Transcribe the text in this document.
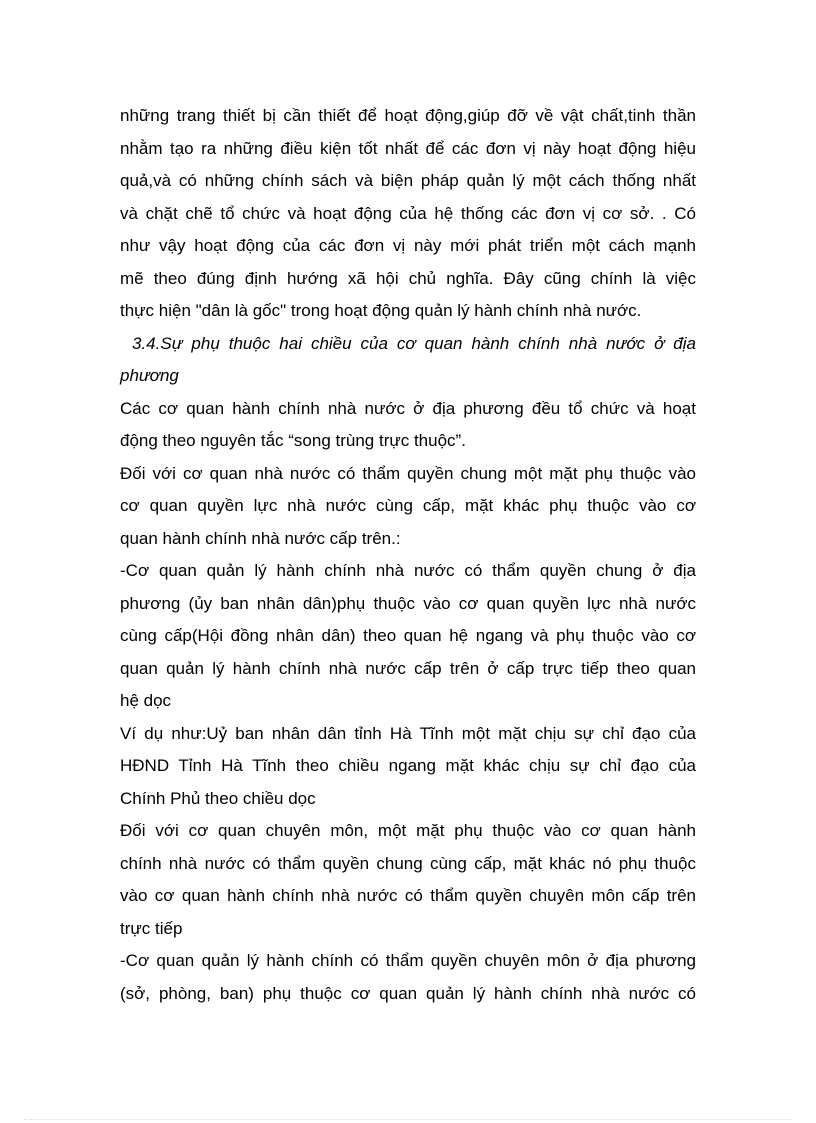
những trang thiết bị cần thiết để hoạt động,giúp đỡ về vật chất,tinh thần
nhằm tạo ra những điều kiện tốt nhất để các đơn vị này hoạt động hiệu
quả,và có những chính sách và biện pháp quản lý một cách thống nhất
và chặt chẽ tổ chức và hoạt động của hệ thống các đơn vị cơ sở. . Có
như vậy hoạt động của các đơn vị này mới phát triển một cách mạnh
mẽ theo đúng định hướng xã hội chủ nghĩa. Đây cũng chính là việc
thực hiện "dân là gốc" trong hoạt động quản lý hành chính nhà nước.
3.4.Sự phụ thuộc hai chiều của cơ quan hành chính nhà nước ở địa
phương
Các cơ quan hành chính nhà nước ở địa phương đều tổ chức và hoạt
động theo nguyên tắc “song trùng trực thuộc”.
Đối với cơ quan nhà nước có thẩm quyền chung một mặt phụ thuộc vào
cơ quan quyền lực nhà nước cùng cấp, mặt khác phụ thuộc vào cơ
quan hành chính nhà nước cấp trên.:
-Cơ quan quản lý hành chính nhà nước có thẩm quyền chung ở địa
phương (ủy ban nhân dân)phụ thuộc vào cơ quan quyền lực nhà nước
cùng cấp(Hội đồng nhân dân) theo quan hệ ngang và phụ thuộc vào cơ
quan quản lý hành chính nhà nước cấp trên ở cấp trực tiếp theo quan
hệ dọc
Ví dụ như:Uỷ ban nhân dân tỉnh Hà Tĩnh một mặt chịu sự chỉ đạo của
HĐND Tỉnh Hà Tĩnh theo chiều ngang mặt khác chịu sự chỉ đạo của
Chính Phủ theo chiều dọc
Đối với cơ quan chuyên môn, một mặt phụ thuộc vào cơ quan hành
chính nhà nước có thẩm quyền chung cùng cấp, mặt khác nó phụ thuộc
vào cơ quan hành chính nhà nước có thẩm quyền chuyên môn cấp trên
trực tiếp
-Cơ quan quản lý hành chính có thẩm quyền chuyên môn ở địa phương
(sở, phòng, ban) phụ thuộc cơ quan quản lý hành chính nhà nước có
